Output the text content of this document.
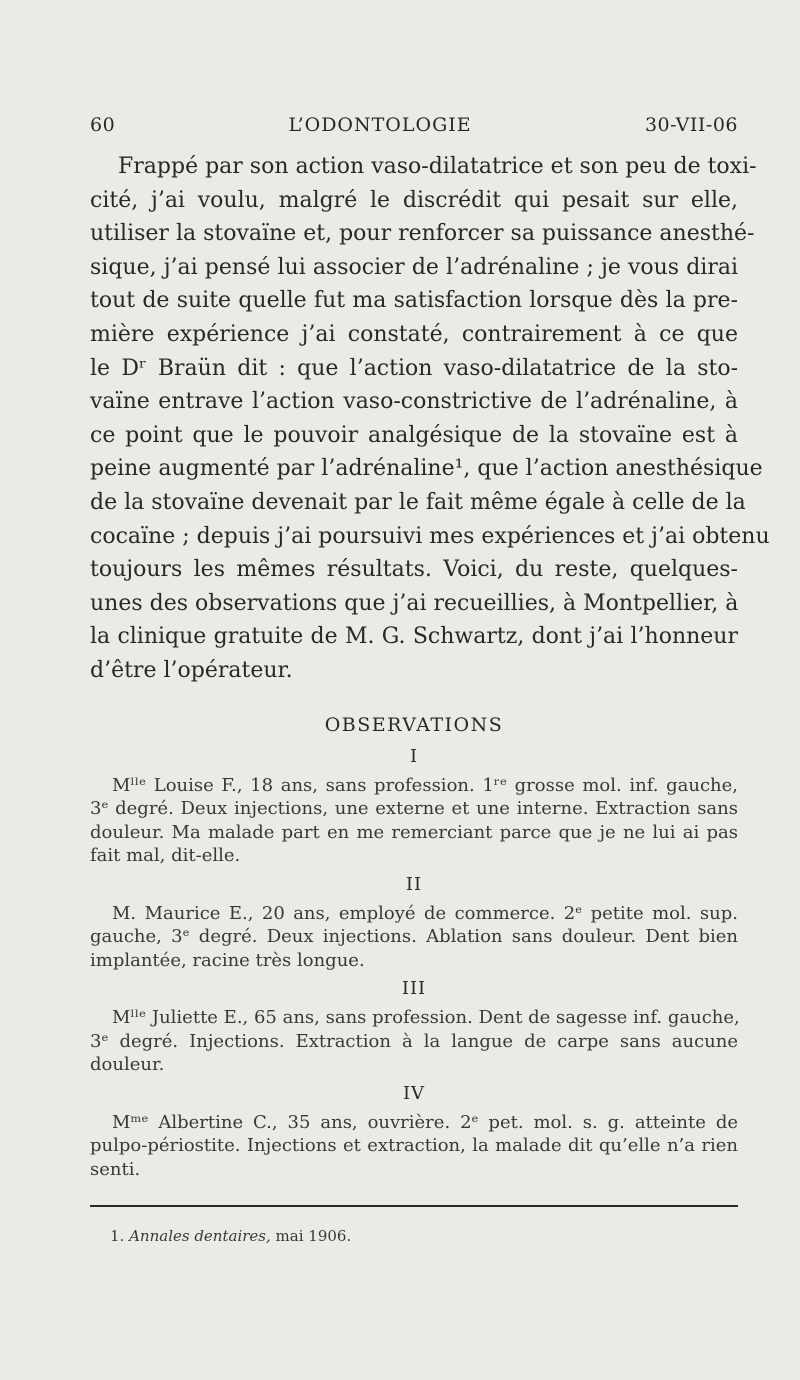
60	L’ODONTOLOGIE	30-VII-06
Frappé par son action vaso-dilatatrice et son peu de toxi-
cité, j’ai voulu, malgré le discrédit qui pesait sur elle,
utiliser la stovaïne et, pour renforcer sa puissance anesthé-
sique, j’ai pensé lui associer de l’adrénaline ; je vous dirai
tout de suite quelle fut ma satisfaction lorsque dès la pre-
mière expérience j’ai constaté, contrairement à ce que
le Dʳ Braün dit : que l’action vaso-dilatatrice de la sto-
vaïne entrave l’action vaso-constrictive de l’adrénaline, à
ce point que le pouvoir analgésique de la stovaïne est à
peine augmenté par l’adrénaline¹, que l’action anesthésique
de la stovaïne devenait par le fait même égale à celle de la
cocaïne ; depuis j’ai poursuivi mes expériences et j’ai obtenu
toujours les mêmes résultats. Voici, du reste, quelques-
unes des observations que j’ai recueillies, à Montpellier, à
la clinique gratuite de M. G. Schwartz, dont j’ai l’honneur
d’être l’opérateur.
OBSERVATIONS
I
Mˡˡᵉ Louise F., 18 ans, sans profession. 1ʳᵉ grosse mol. inf. gauche,
3ᵉ degré. Deux injections, une externe et une interne. Extraction sans
douleur. Ma malade part en me remerciant parce que je ne lui ai pas
fait mal, dit-elle.
II
M. Maurice E., 20 ans, employé de commerce. 2ᵉ petite mol. sup.
gauche, 3ᵉ degré. Deux injections. Ablation sans douleur. Dent bien
implantée, racine très longue.
III
Mˡˡᵉ Juliette E., 65 ans, sans profession. Dent de sagesse inf. gauche,
3ᵉ degré. Injections. Extraction à la langue de carpe sans aucune
douleur.
IV
Mᵐᵉ Albertine C., 35 ans, ouvrière. 2ᵉ pet. mol. s. g. atteinte de
pulpo-périostite. Injections et extraction, la malade dit qu’elle n’a rien
senti.
1. Annales dentaires, mai 1906.
